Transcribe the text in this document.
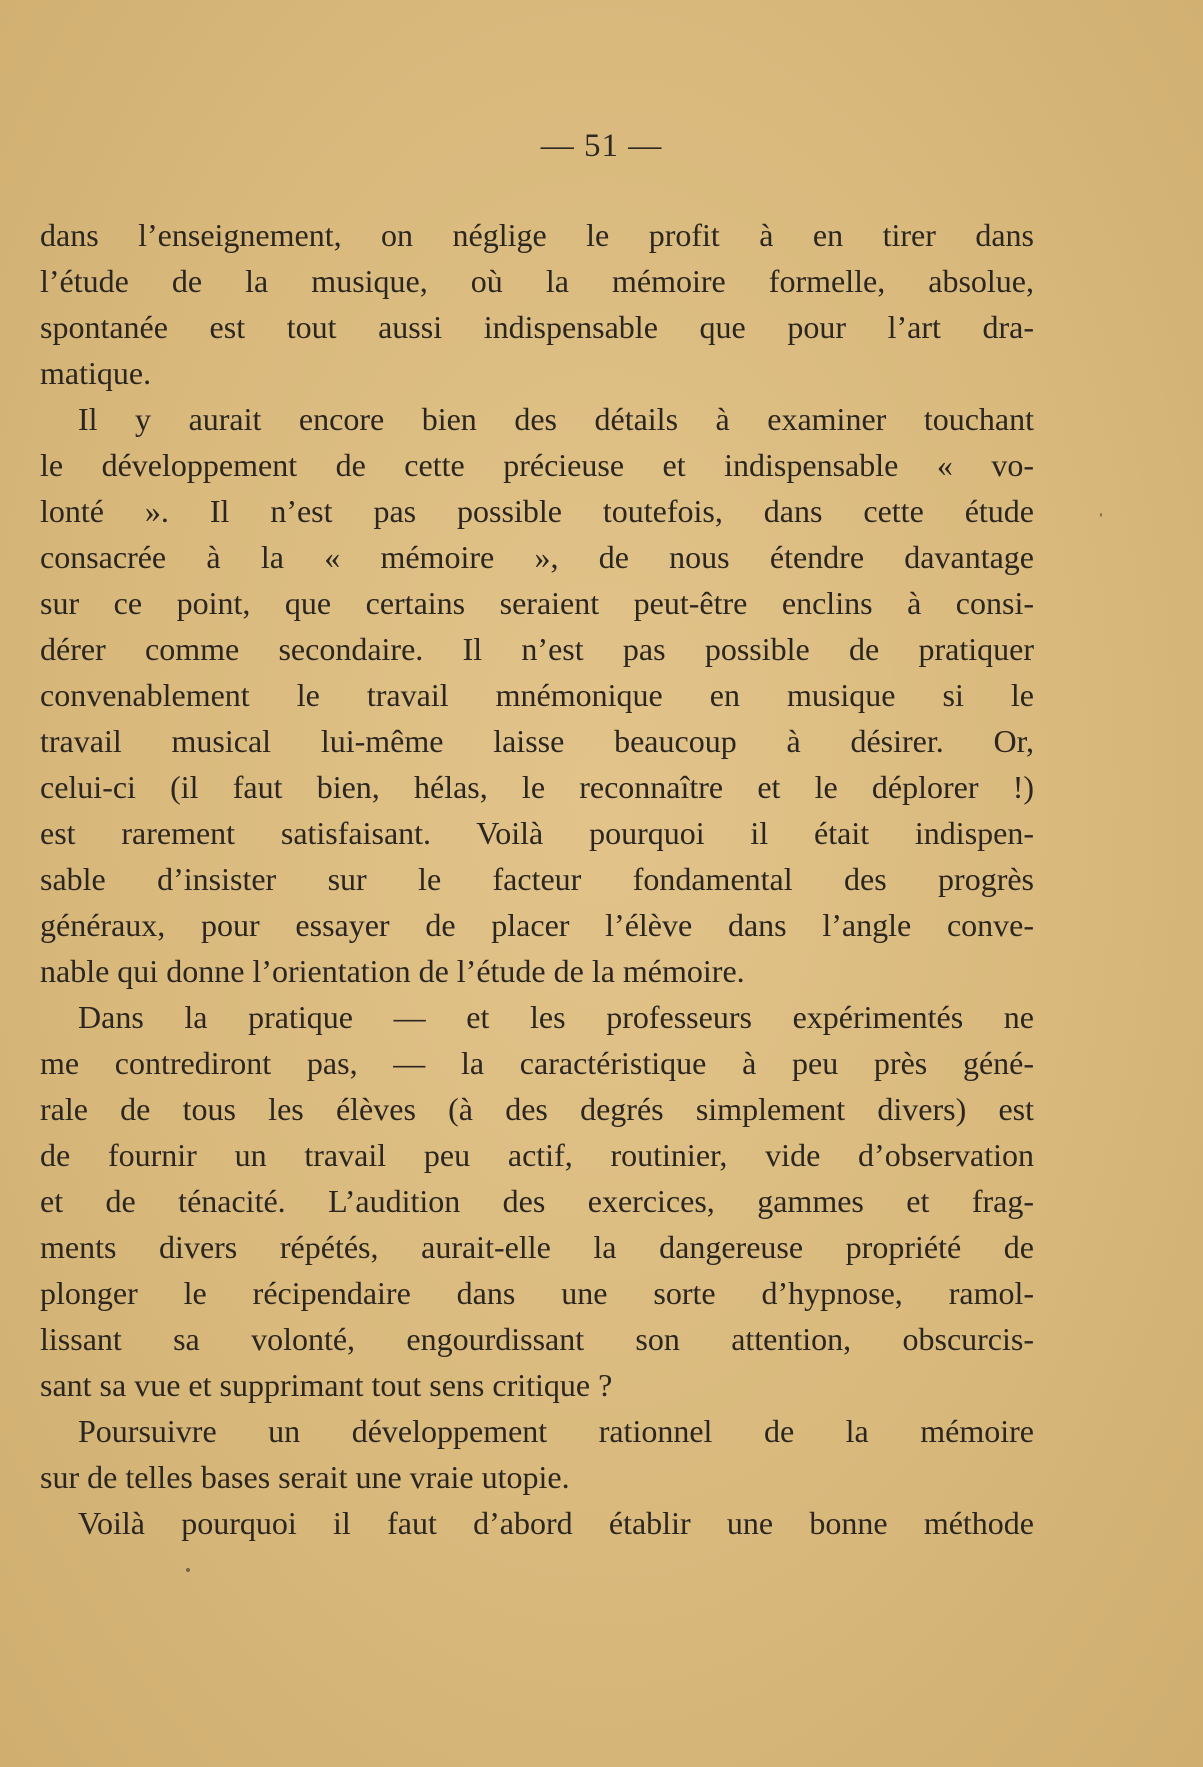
— 51 —
dans l’enseignement, on néglige le profit à en tirer dans
l’étude de la musique, où la mémoire formelle, absolue,
spontanée est tout aussi indispensable que pour l’art dra-
matique.
Il y aurait encore bien des détails à examiner touchant
le développement de cette précieuse et indispensable « vo-
lonté ». Il n’est pas possible toutefois, dans cette étude
consacrée à la « mémoire », de nous étendre davantage
sur ce point, que certains seraient peut-être enclins à consi-
dérer comme secondaire. Il n’est pas possible de pratiquer
convenablement le travail mnémonique en musique si le
travail musical lui-même laisse beaucoup à désirer. Or,
celui-ci (il faut bien, hélas, le reconnaître et le déplorer !)
est rarement satisfaisant. Voilà pourquoi il était indispen-
sable d’insister sur le facteur fondamental des progrès
généraux, pour essayer de placer l’élève dans l’angle conve-
nable qui donne l’orientation de l’étude de la mémoire.
Dans la pratique — et les professeurs expérimentés ne
me contrediront pas, — la caractéristique à peu près géné-
rale de tous les élèves (à des degrés simplement divers) est
de fournir un travail peu actif, routinier, vide d’observation
et de ténacité. L’audition des exercices, gammes et frag-
ments divers répétés, aurait-elle la dangereuse propriété de
plonger le récipendaire dans une sorte d’hypnose, ramol-
lissant sa volonté, engourdissant son attention, obscurcis-
sant sa vue et supprimant tout sens critique ?
Poursuivre un développement rationnel de la mémoire
sur de telles bases serait une vraie utopie.
Voilà pourquoi il faut d’abord établir une bonne méthode
ˌ
